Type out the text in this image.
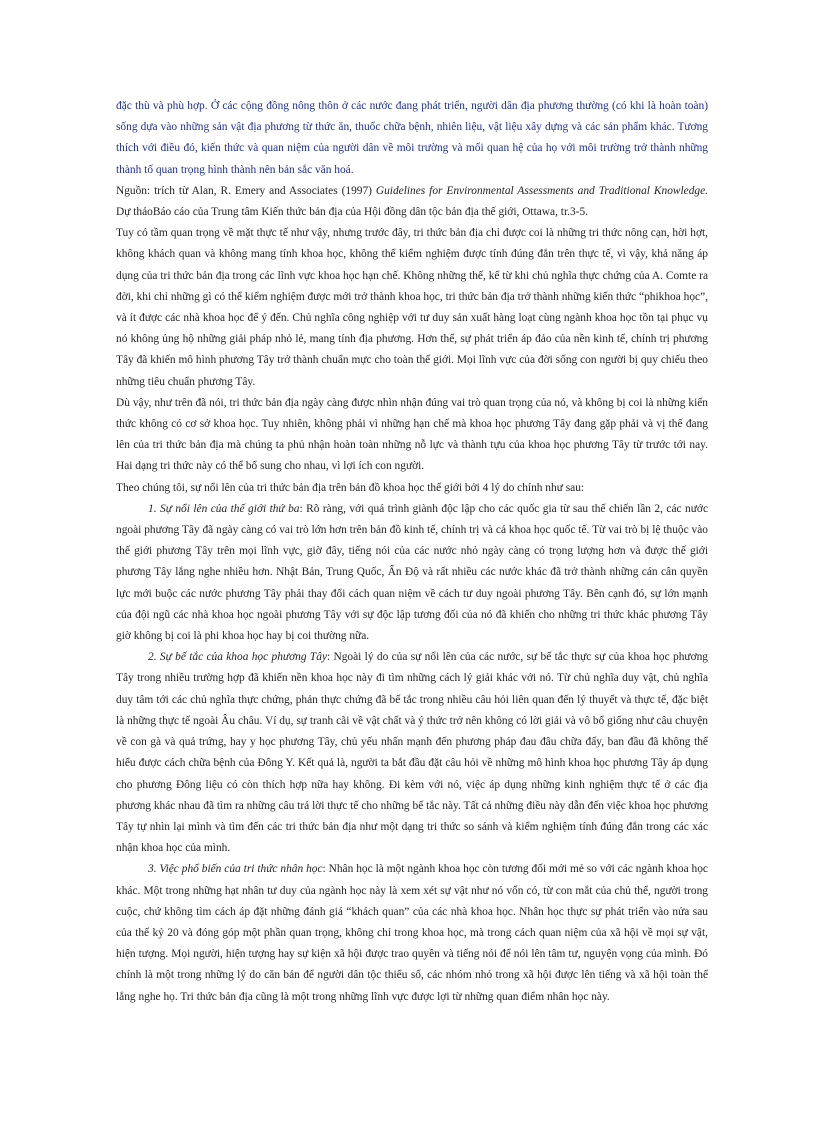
đặc thù và phù hợp. Ở các cộng đồng nông thôn ở các nước đang phát triển, người dân địa phương thường (có khi là hoàn toàn) sống dựa vào những sản vật địa phương từ thức ăn, thuốc chữa bệnh, nhiên liệu, vật liệu xây dựng và các sản phẩm khác. Tương thích với điều đó, kiến thức và quan niệm của người dân về môi trường và mối quan hệ của họ với môi trường trở thành những thành tố quan trọng hình thành nên bản sắc văn hoá.

Nguồn: trích từ Alan, R. Emery and Associates (1997) Guidelines for Environmental Assessments and Traditional Knowledge. Dự thảoBáo cáo của Trung tâm Kiến thức bản địa của Hội đồng dân tộc bản địa thế giới, Ottawa, tr.3-5.

Tuy có tầm quan trọng về mặt thực tế như vậy, nhưng trước đây, tri thức bản địa chỉ được coi là những tri thức nông cạn, hời hợt, không khách quan và không mang tính khoa học, không thể kiểm nghiệm được tính đúng đắn trên thực tế, vì vậy, khả năng áp dụng của tri thức bản địa trong các lĩnh vực khoa học hạn chế. Không những thế, kể từ khi chủ nghĩa thực chứng của A. Comte ra đời, khi chỉ những gì có thể kiểm nghiệm được mới trở thành khoa học, tri thức bản địa trở thành những kiến thức “phikhoa học”, và ít được các nhà khoa học để ý đến. Chủ nghĩa công nghiệp với tư duy sản xuất hàng loạt cùng ngành khoa học tồn tại phục vụ nó không ủng hộ những giải pháp nhỏ lẻ, mang tính địa phương. Hơn thế, sự phát triển áp đảo của nền kinh tế, chính trị phương Tây đã khiến mô hình phương Tây trở thành chuẩn mực cho toàn thế giới. Mọi lĩnh vực của đời sống con người bị quy chiếu theo những tiêu chuẩn phương Tây.

Dù vậy, như trên đã nói, tri thức bản địa ngày càng được nhìn nhận đúng vai trò quan trọng của nó, và không bị coi là những kiến thức không có cơ sở khoa học. Tuy nhiên, không phải vì những hạn chế mà khoa học phương Tây đang gặp phải và vị thế đang lên của tri thức bản địa mà chúng ta phủ nhận hoàn toàn những nỗ lực và thành tựu của khoa học phương Tây từ trước tới nay. Hai dạng tri thức này có thể bổ sung cho nhau, vì lợi ích con người.

Theo chúng tôi, sự nổi lên của tri thức bản địa trên bản đồ khoa học thế giới bởi 4 lý do chính như sau:

1. Sự nổi lên của thế giới thứ ba: Rõ ràng, với quá trình giành độc lập cho các quốc gia từ sau thế chiến lần 2, các nước ngoài phương Tây đã ngày càng có vai trò lớn hơn trên bản đồ kinh tế, chính trị và cả khoa học quốc tế. Từ vai trò bị lệ thuộc vào thế giới phương Tây trên mọi lĩnh vực, giờ đây, tiếng nói của các nước nhỏ ngày càng có trọng lượng hơn và được thế giới phương Tây lắng nghe nhiều hơn. Nhật Bản, Trung Quốc, Ấn Độ và rất nhiều các nước khác đã trở thành những cán cân quyền lực mới buộc các nước phương Tây phải thay đổi cách quan niệm về cách tư duy ngoài phương Tây. Bên cạnh đó, sự lớn mạnh của đội ngũ các nhà khoa học ngoài phương Tây với sự độc lập tương đối của nó đã khiến cho những tri thức khác phương Tây giờ không bị coi là phi khoa học hay bị coi thường nữa.

2. Sự bế tắc của khoa học phương Tây: Ngoài lý do của sự nổi lên của các nước, sự bế tắc thực sự của khoa học phương Tây trong nhiều trường hợp đã khiến nền khoa học này đi tìm những cách lý giải khác với nó. Từ chủ nghĩa duy vật, chủ nghĩa duy tâm tới các chủ nghĩa thực chứng, phản thực chứng đã bế tắc trong nhiều câu hỏi liên quan đến lý thuyết và thực tế, đặc biệt là những thực tế ngoài Âu châu. Ví dụ, sự tranh cãi về vật chất và ý thức trở nên không có lời giải và vô bổ giống như câu chuyện về con gà và quả trứng, hay y học phương Tây, chủ yếu nhấn mạnh đến phương pháp đau đâu chữa đấy, ban đầu đã không thể hiểu được cách chữa bệnh của Đông Y. Kết quả là, người ta bắt đầu đặt câu hỏi về những mô hình khoa học phương Tây áp dụng cho phương Đông liệu có còn thích hợp nữa hay không. Đi kèm với nó, việc áp dụng những kinh nghiệm thực tế ở các địa phương khác nhau đã tìm ra những câu trả lời thực tế cho những bế tắc này. Tất cả những điều này dẫn đến việc khoa học phương Tây tự nhìn lại mình và tìm đến các tri thức bản địa như một dạng tri thức so sánh và kiểm nghiệm tính đúng đắn trong các xác nhận khoa học của mình.

3. Việc phổ biến của tri thức nhân học: Nhân học là một ngành khoa học còn tương đối mới mẻ so với các ngành khoa học khác. Một trong những hạt nhân tư duy của ngành học này là xem xét sự vật như nó vốn có, từ con mắt của chủ thể, người trong cuộc, chứ không tìm cách áp đặt những đánh giá “khách quan” của các nhà khoa học. Nhân học thực sự phát triển vào nửa sau của thế kỷ 20 và đóng góp một phần quan trọng, không chỉ trong khoa học, mà trong cách quan niệm của xã hội về mọi sự vật, hiện tượng. Mọi người, hiện tượng hay sự kiện xã hội được trao quyền và tiếng nói để nói lên tâm tư, nguyện vọng của mình. Đó chính là một trong những lý do căn bản để người dân tộc thiểu số, các nhóm nhỏ trong xã hội được lên tiếng và xã hội toàn thể lắng nghe họ. Tri thức bản địa cũng là một trong những lĩnh vực được lợi từ những quan điểm nhân học này.
